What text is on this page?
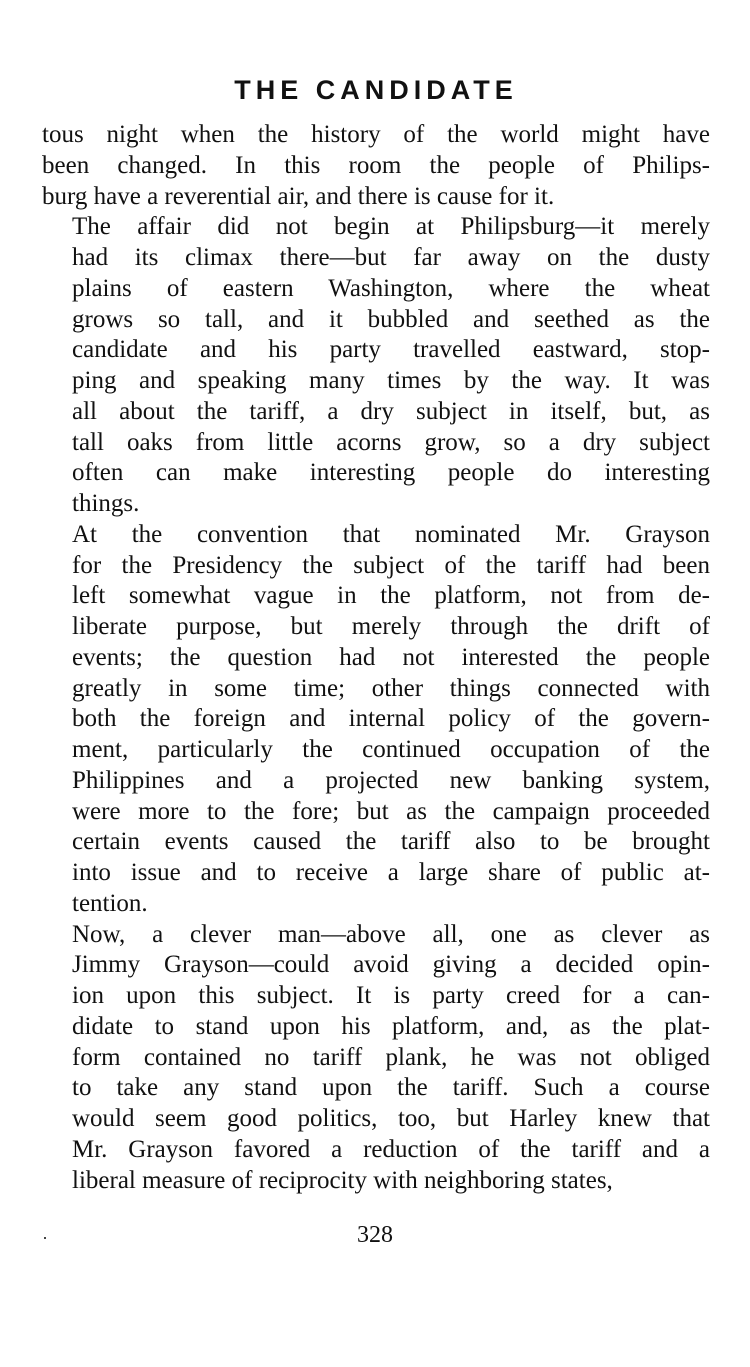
THE CANDIDATE

tous night when the history of the world might have
been changed. In this room the people of Philips-
burg have a reverential air, and there is cause for it.

The affair did not begin at Philipsburg—it merely
had its climax there—but far away on the dusty
plains of eastern Washington, where the wheat
grows so tall, and it bubbled and seethed as the
candidate and his party travelled eastward, stop-
ping and speaking many times by the way. It was
all about the tariff, a dry subject in itself, but, as
tall oaks from little acorns grow, so a dry subject
often can make interesting people do interesting
things.

At the convention that nominated Mr. Grayson
for the Presidency the subject of the tariff had been
left somewhat vague in the platform, not from de-
liberate purpose, but merely through the drift of
events; the question had not interested the people
greatly in some time; other things connected with
both the foreign and internal policy of the govern-
ment, particularly the continued occupation of the
Philippines and a projected new banking system,
were more to the fore; but as the campaign proceeded
certain events caused the tariff also to be brought
into issue and to receive a large share of public at-
tention.

Now, a clever man—above all, one as clever as
Jimmy Grayson—could avoid giving a decided opin-
ion upon this subject. It is party creed for a can-
didate to stand upon his platform, and, as the plat-
form contained no tariff plank, he was not obliged
to take any stand upon the tariff. Such a course
would seem good politics, too, but Harley knew that
Mr. Grayson favored a reduction of the tariff and a
liberal measure of reciprocity with neighboring states,

328
